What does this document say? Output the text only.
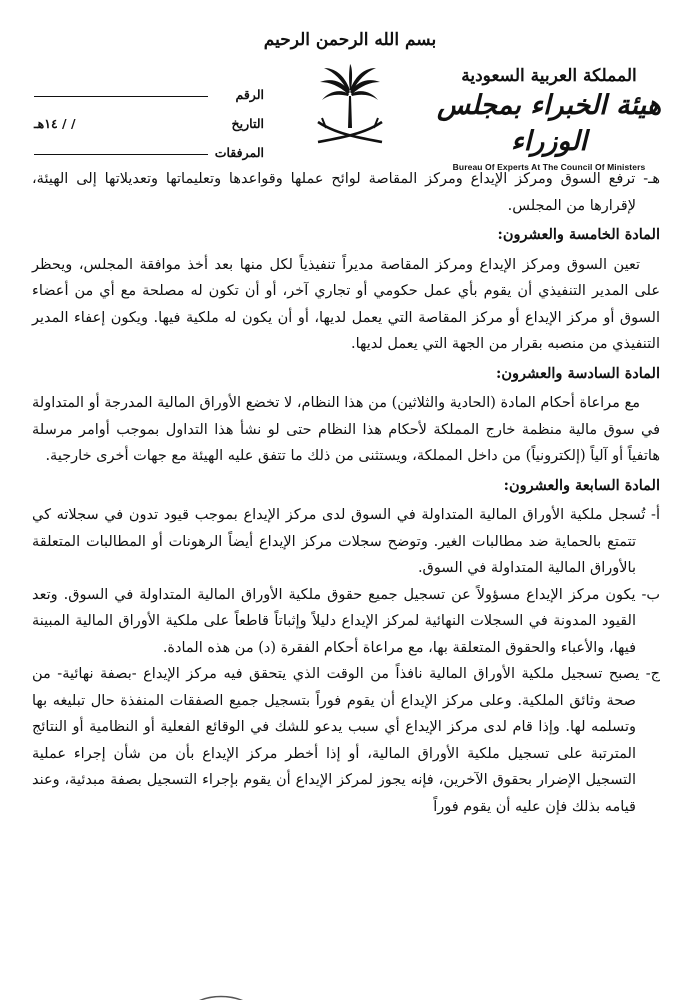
بسم الله الرحمن الرحيم
المملكة العربية السعودية
هيئة الخبراء بمجلس الوزراء
Bureau Of Experts At The Council Of Ministers
الرقم
التاريخ
/ / ١٤هـ
المرفقات

هـ- ترفع السوق ومركز الإيداع ومركز المقاصة لوائح عملها وقواعدها وتعليماتها وتعديلاتها إلى الهيئة، لإقرارها من المجلس.

المادة الخامسة والعشرون:

تعين السوق ومركز الإيداع ومركز المقاصة مديراً تنفيذياً لكل منها بعد أخذ موافقة المجلس، ويحظر على المدير التنفيذي أن يقوم بأي عمل حكومي أو تجاري آخر، أو أن تكون له مصلحة مع أي من أعضاء السوق أو مركز الإيداع أو مركز المقاصة التي يعمل لديها، أو أن يكون له ملكية فيها. ويكون إعفاء المدير التنفيذي من منصبه بقرار من الجهة التي يعمل لديها.

المادة السادسة والعشرون:

مع مراعاة أحكام المادة (الحادية والثلاثين) من هذا النظام، لا تخضع الأوراق المالية المدرجة أو المتداولة في سوق مالية منظمة خارج المملكة لأحكام هذا النظام حتى لو نشأ هذا التداول بموجب أوامر مرسلة هاتفياً أو آلياً (إلكترونياً) من داخل المملكة، ويستثنى من ذلك ما تتفق عليه الهيئة مع جهات أخرى خارجية.

المادة السابعة والعشرون:

أ- تُسجل ملكية الأوراق المالية المتداولة في السوق لدى مركز الإيداع بموجب قيود تدون في سجلاته كي تتمتع بالحماية ضد مطالبات الغير. وتوضح سجلات مركز الإيداع أيضاً الرهونات أو المطالبات المتعلقة بالأوراق المالية المتداولة في السوق.

ب- يكون مركز الإيداع مسؤولاً عن تسجيل جميع حقوق ملكية الأوراق المالية المتداولة في السوق. وتعد القيود المدونة في السجلات النهائية لمركز الإيداع دليلاً وإثباتاً قاطعاً على ملكية الأوراق المالية المبينة فيها، والأعباء والحقوق المتعلقة بها، مع مراعاة أحكام الفقرة (د) من هذه المادة.

ج- يصبح تسجيل ملكية الأوراق المالية نافذاً من الوقت الذي يتحقق فيه مركز الإيداع -بصفة نهائية- من صحة وثائق الملكية. وعلى مركز الإيداع أن يقوم فوراً بتسجيل جميع الصفقات المنفذة حال تبليغه بها وتسلمه لها. وإذا قام لدى مركز الإيداع أي سبب يدعو للشك في الوقائع الفعلية أو النظامية أو النتائج المترتبة على تسجيل ملكية الأوراق المالية، أو إذا أخطر مركز الإيداع بأن من شأن إجراء عملية التسجيل الإضرار بحقوق الآخرين، فإنه يجوز لمركز الإيداع أن يقوم بإجراء التسجيل بصفة مبدئية، وعند قيامه بذلك فإن عليه أن يقوم فوراً
